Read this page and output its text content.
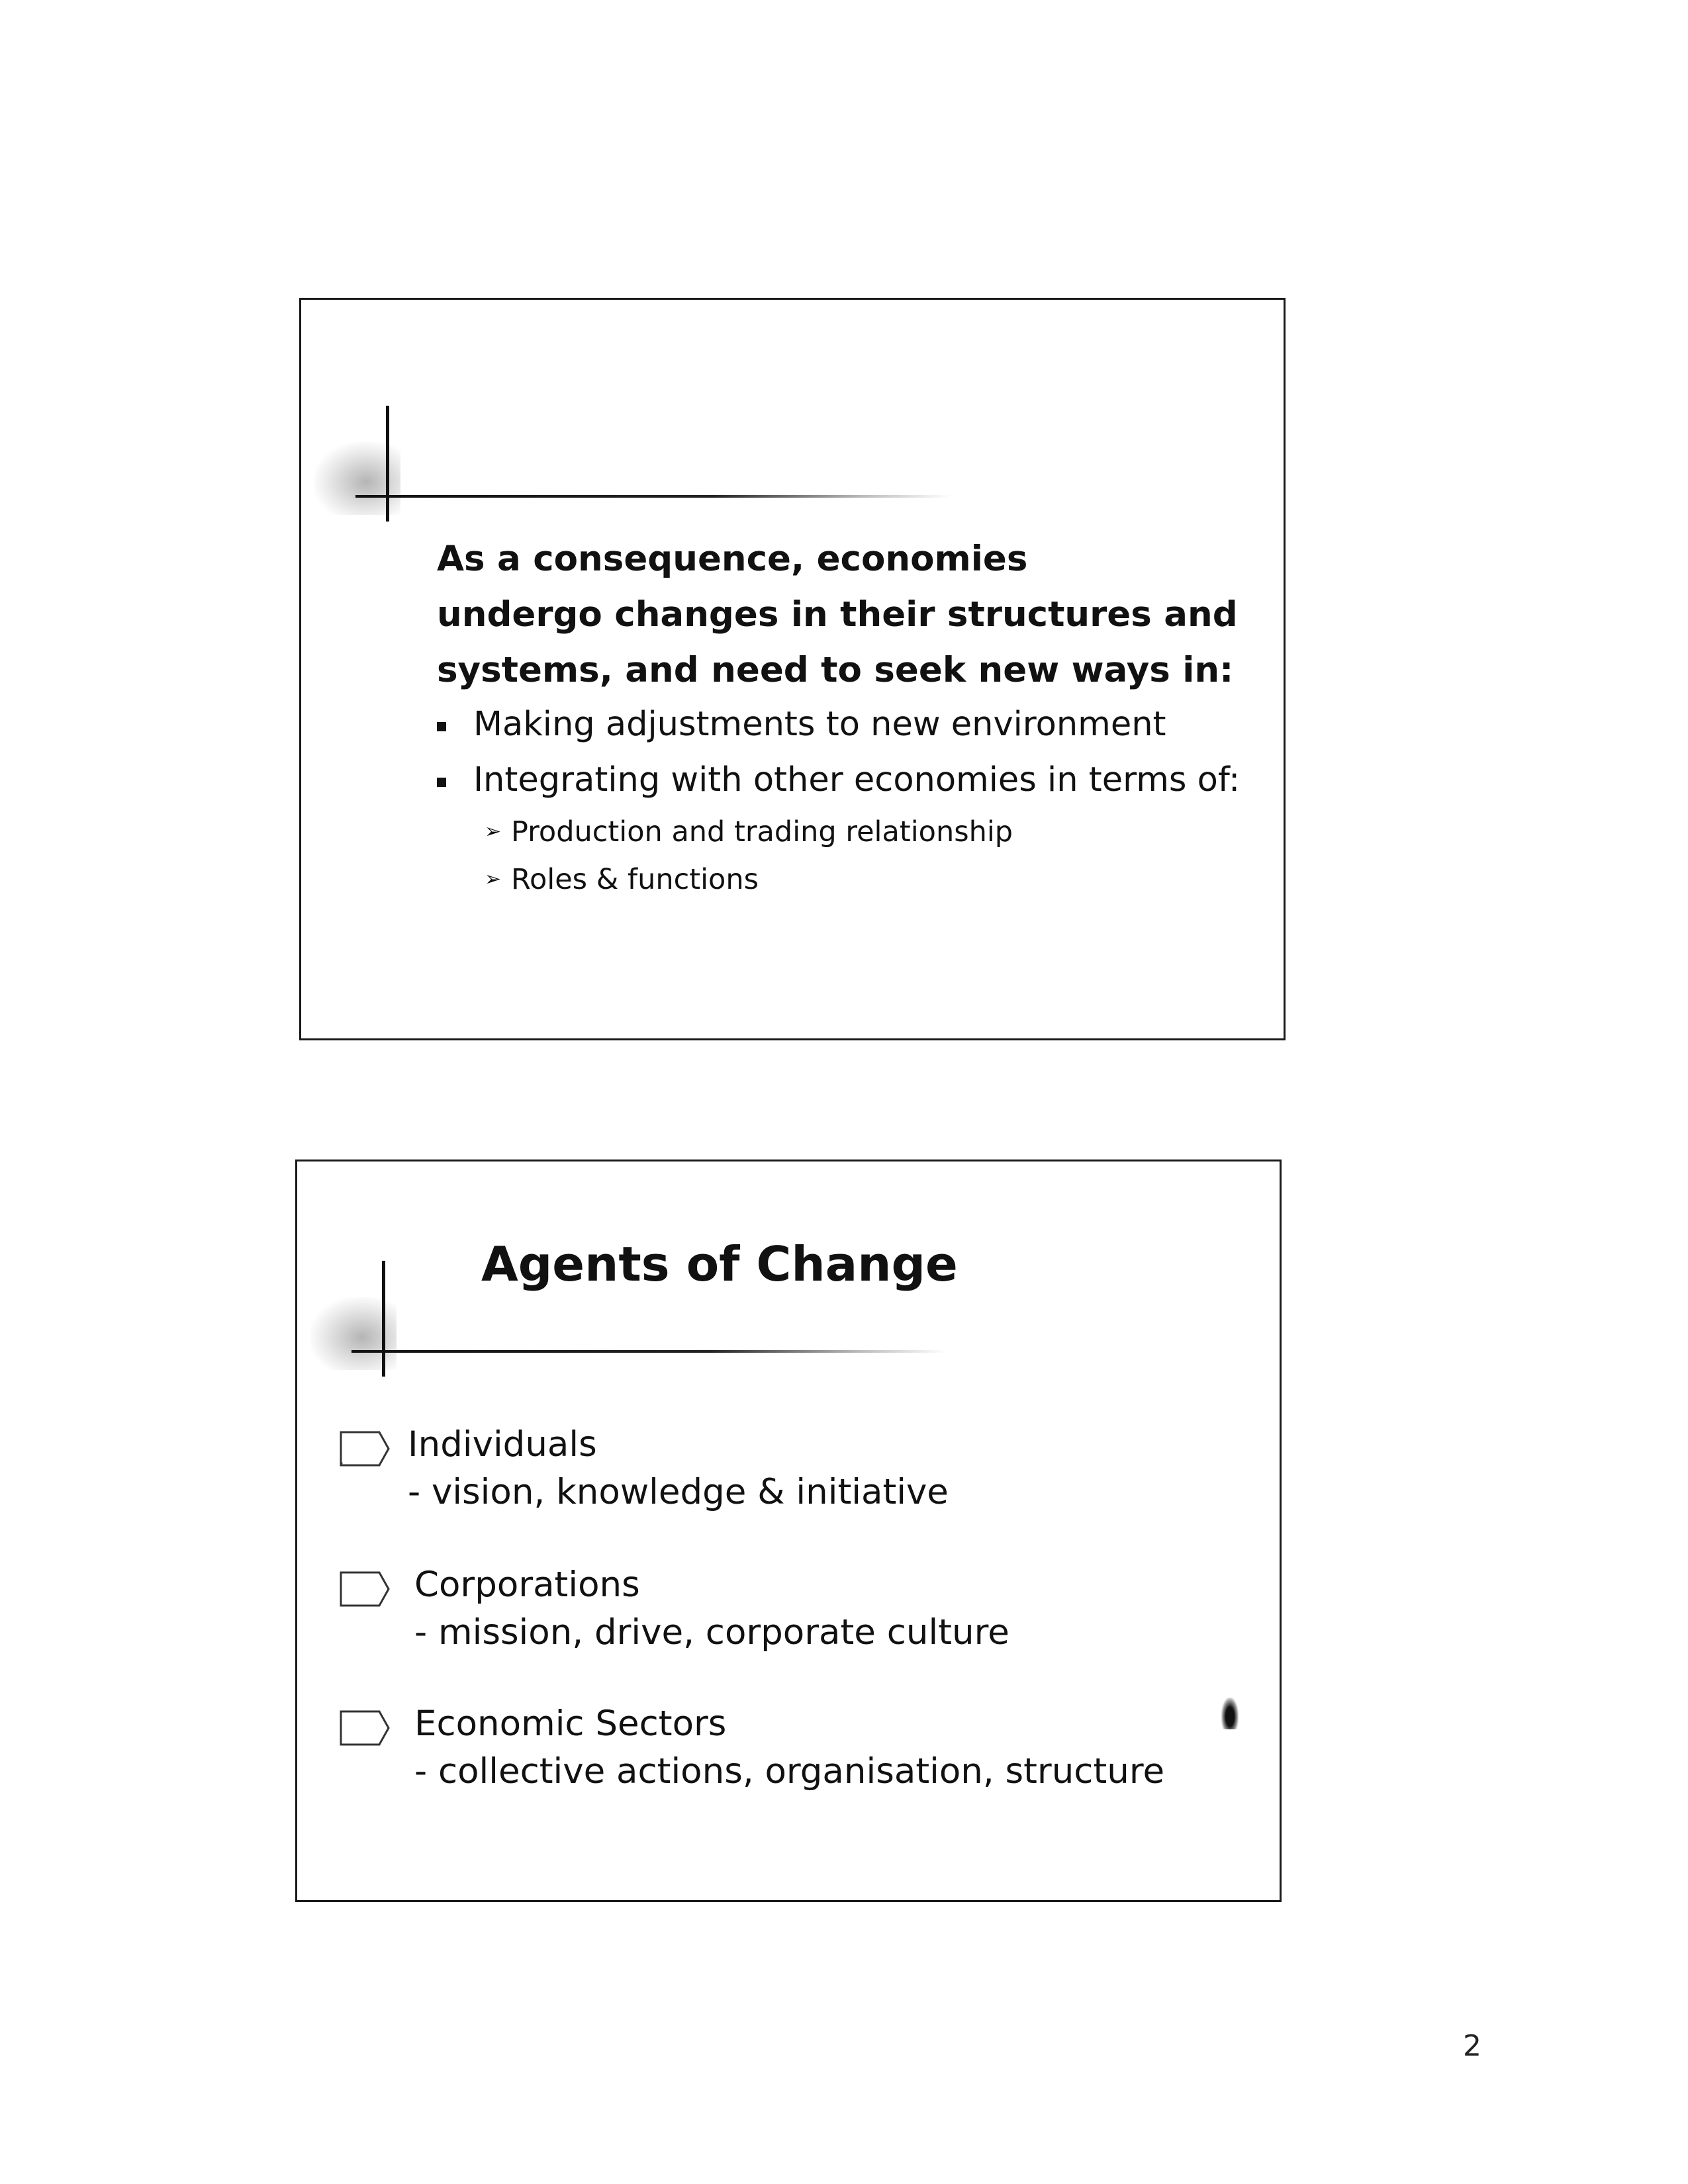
As a consequence, economies
undergo changes in their structures and
systems, and need to seek new ways in:
Making adjustments to new environment
Integrating with other economies in terms of:
➢ Production and trading relationship
➢ Roles & functions
Agents of Change
Individuals
- vision, knowledge & initiative
Corporations
- mission, drive, corporate culture
Economic Sectors
- collective actions, organisation, structure
2
